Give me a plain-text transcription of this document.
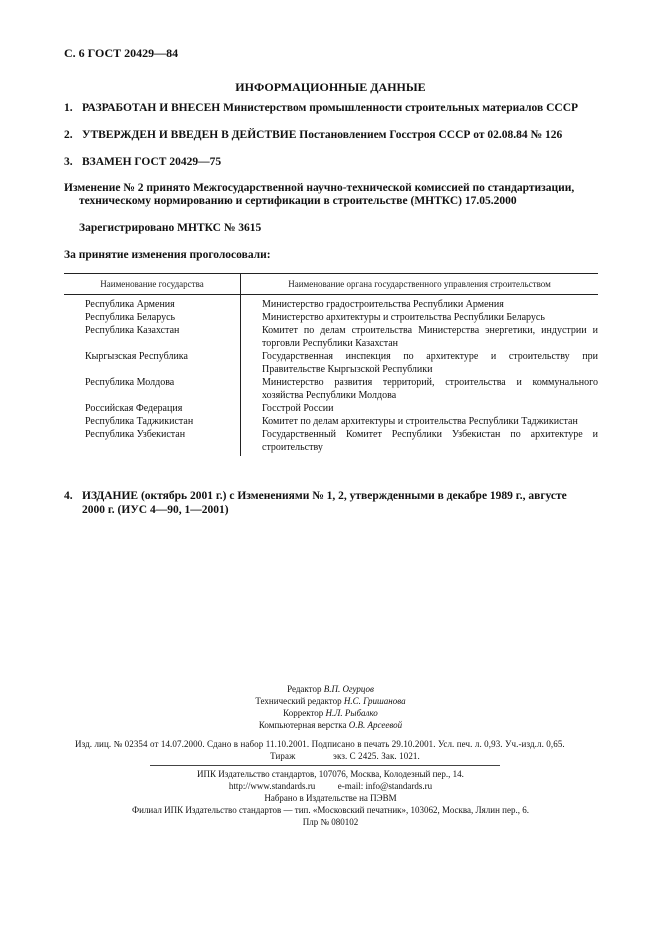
С. 6 ГОСТ 20429—84
ИНФОРМАЦИОННЫЕ ДАННЫЕ
1. РАЗРАБОТАН И ВНЕСЕН Министерством промышленности строительных материалов СССР
2. УТВЕРЖДЕН И ВВЕДЕН В ДЕЙСТВИЕ Постановлением Госстроя СССР от 02.08.84 № 126
3. ВЗАМЕН ГОСТ 20429—75
Изменение № 2 принято Межгосударственной научно-технической комиссией по стандартизации,
техническому нормированию и сертификации в строительстве (МНТКС) 17.05.2000
Зарегистрировано МНТКС № 3615
За принятие изменения проголосовали:
Наименование государства	Наименование органа государственного управления строительством
Республика Армения	Министерство градостроительства Республики Армения
Республика Беларусь	Министерство архитектуры и строительства Республики Беларусь
Республика Казахстан	Комитет по делам строительства Министерства энергетики, индустрии и торговли Республики Казахстан
Кыргызская Республика	Государственная инспекция по архитектуре и строительству при Правительстве Кыргызской Республики
Республика Молдова	Министерство развития территорий, строительства и коммунального хозяйства Республики Молдова
Российская Федерация	Госстрой России
Республика Таджикистан	Комитет по делам архитектуры и строительства Республики Таджикистан
Республика Узбекистан	Государственный Комитет Республики Узбекистан по архитектуре и строительству
4. ИЗДАНИЕ (октябрь 2001 г.) с Изменениями № 1, 2, утвержденными в декабре 1989 г., августе
2000 г. (ИУС 4—90, 1—2001)
Редактор В.П. Огурцов
Технический редактор Н.С. Гришанова
Корректор Н.Л. Рыбалко
Компьютерная верстка О.В. Арсеевой
Изд. лиц. № 02354 от 14.07.2000. Сдано в набор 11.10.2001. Подписано в печать 29.10.2001. Усл. печ. л. 0,93. Уч.-изд.л. 0,65.
Тираж                экз. С 2425. Зак. 1021.
ИПК Издательство стандартов, 107076, Москва, Колодезный пер., 14.
http://www.standards.ru          e-mail: info@standards.ru
Набрано в Издательстве на ПЭВМ
Филиал ИПК Издательство стандартов — тип. «Московский печатник», 103062, Москва, Лялин пер., 6.
Плр № 080102
